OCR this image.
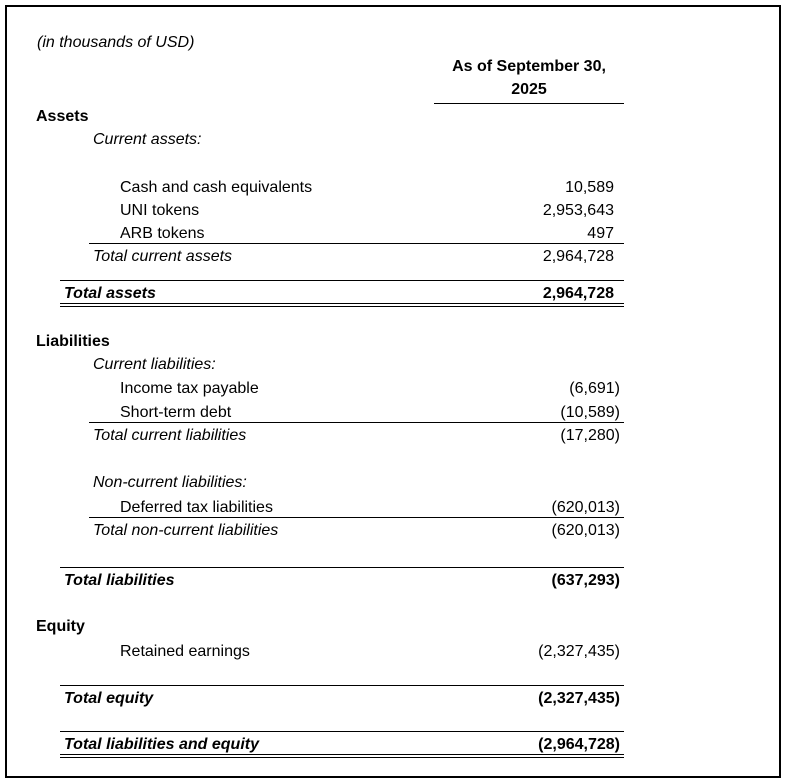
(in thousands of USD)
As of September 30,
2025
Assets
Current assets:
Cash and cash equivalents	10,589
UNI tokens	2,953,643
ARB tokens	497
Total current assets	2,964,728
Total assets	2,964,728
Liabilities
Current liabilities:
Income tax payable	(6,691)
Short-term debt	(10,589)
Total current liabilities	(17,280)
Non-current liabilities:
Deferred tax liabilities	(620,013)
Total non-current liabilities	(620,013)
Total liabilities	(637,293)
Equity
Retained earnings	(2,327,435)
Total equity	(2,327,435)
Total liabilities and equity	(2,964,728)
